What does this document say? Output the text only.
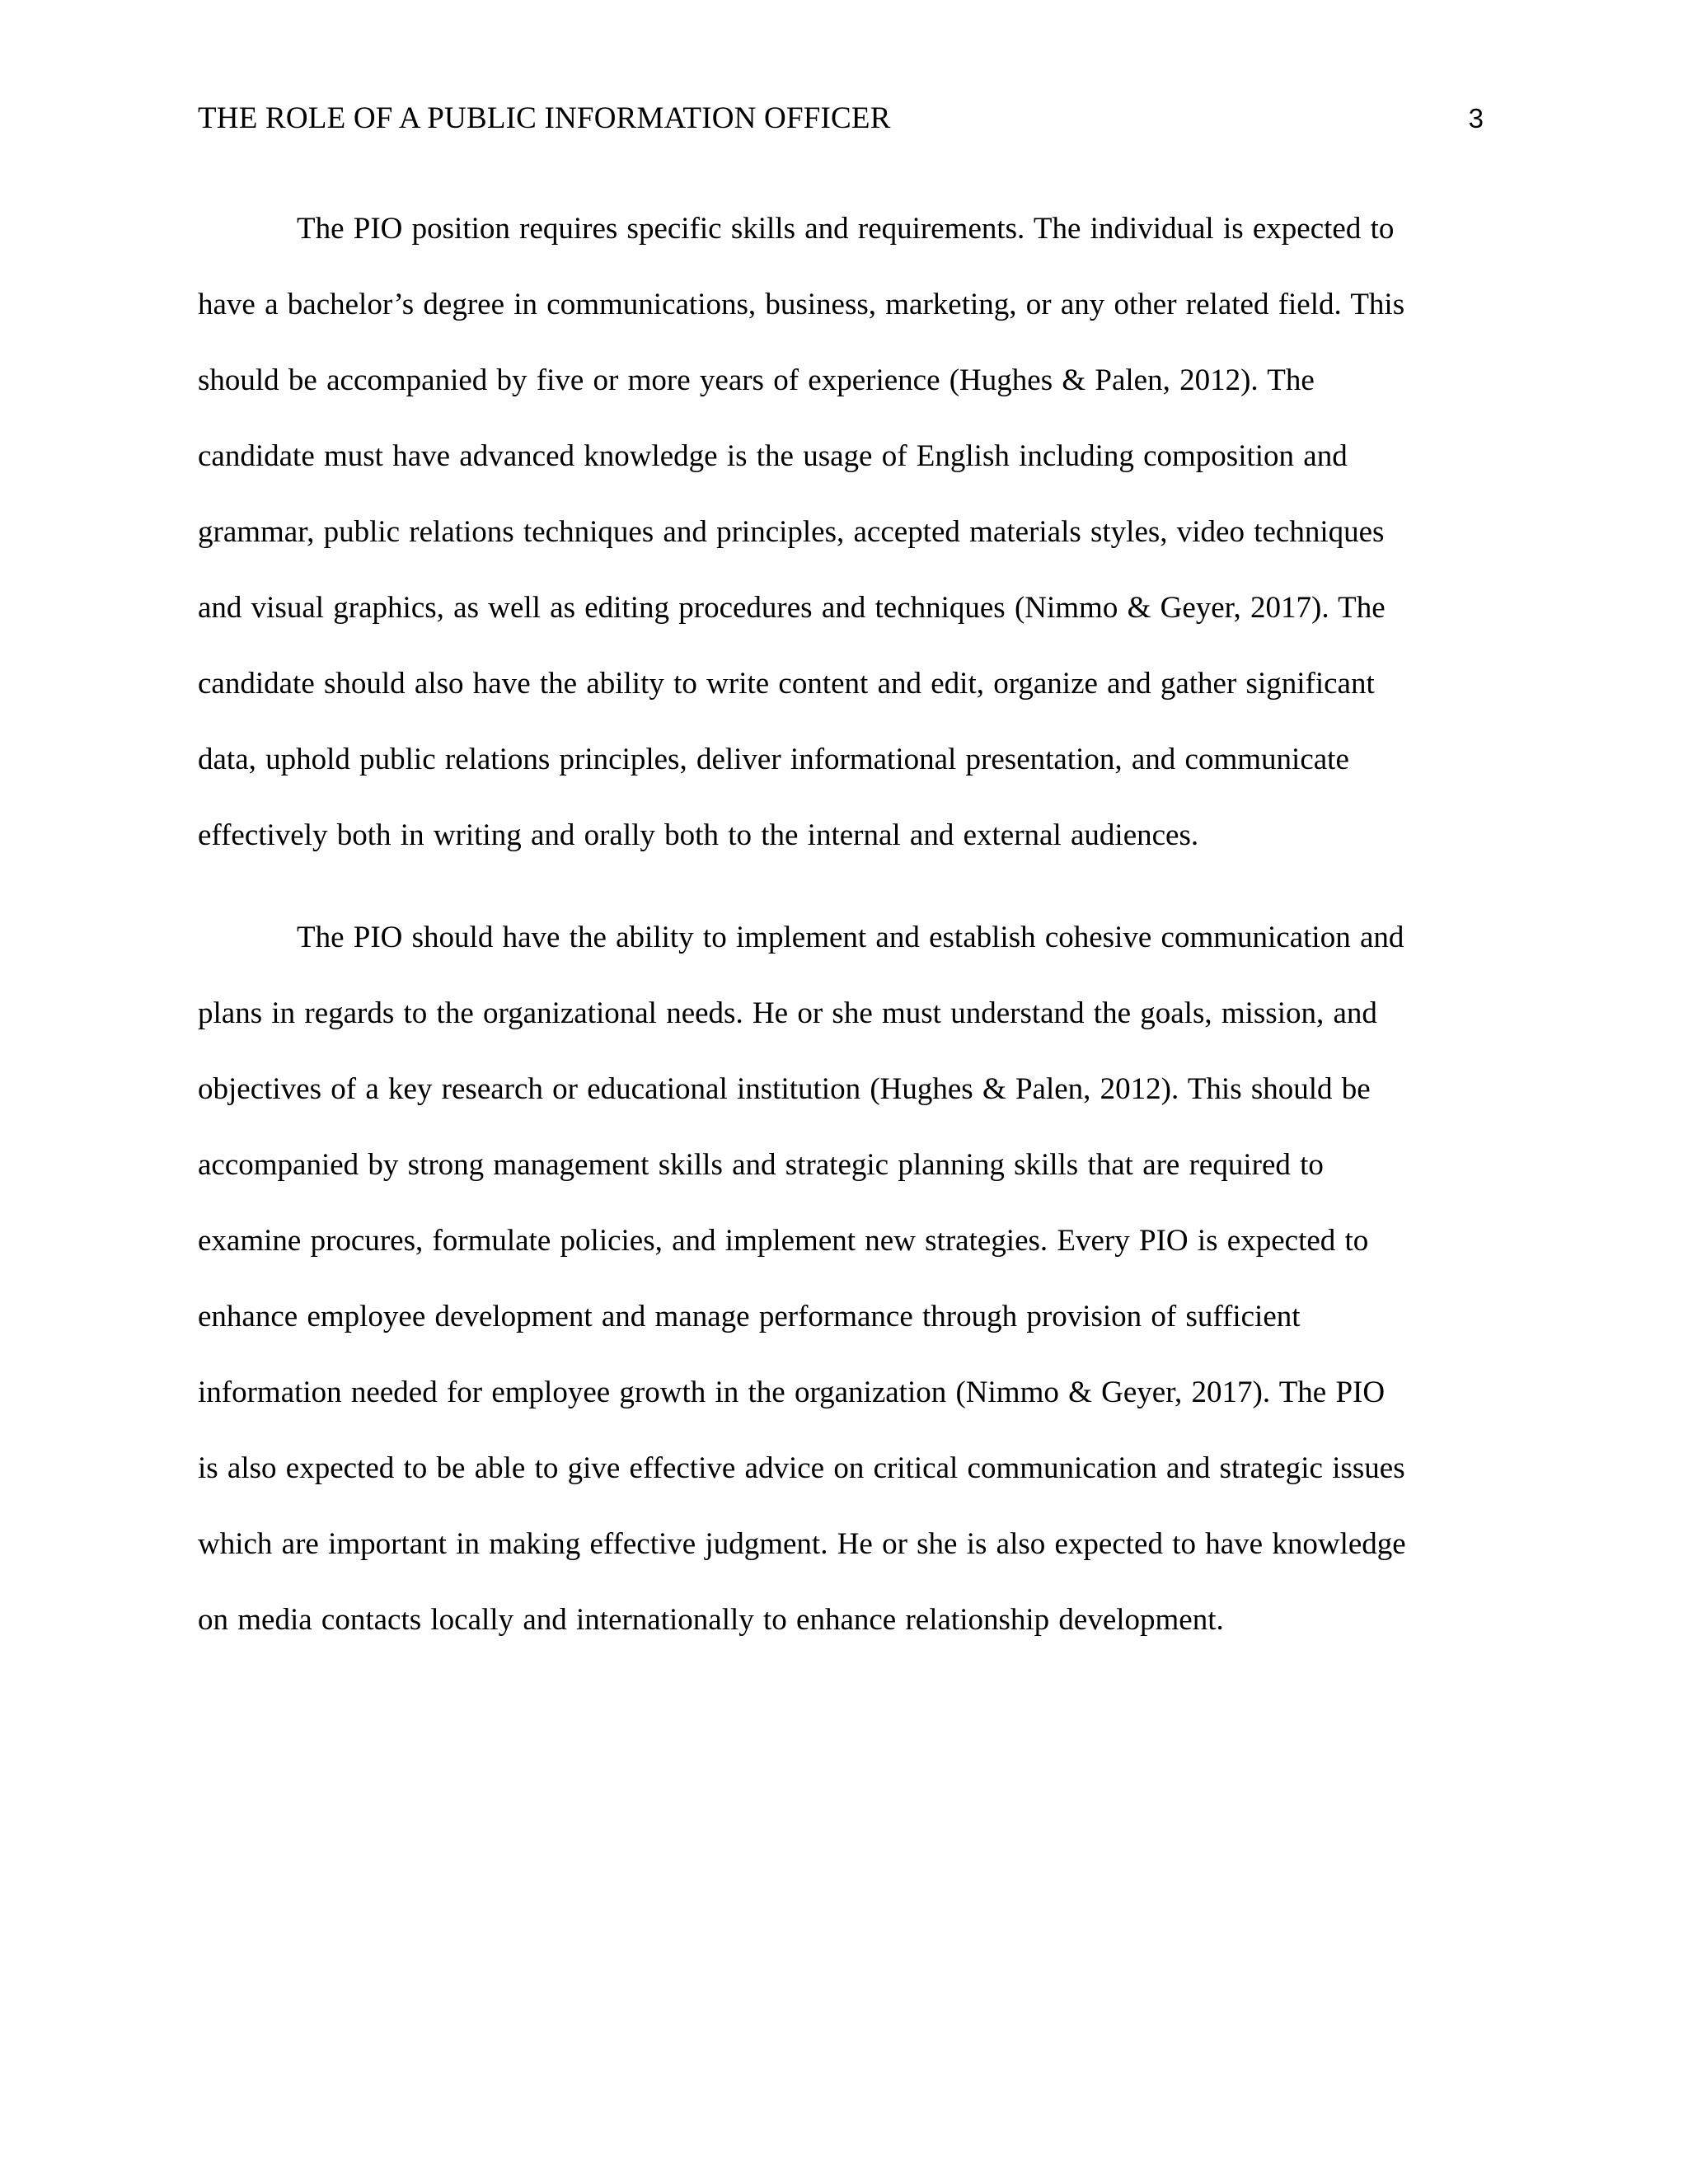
THE ROLE OF A PUBLIC INFORMATION OFFICER	3

The PIO position requires specific skills and requirements. The individual is expected to
have a bachelor’s degree in communications, business, marketing, or any other related field. This
should be accompanied by five or more years of experience (Hughes & Palen, 2012). The
candidate must have advanced knowledge is the usage of English including composition and
grammar, public relations techniques and principles, accepted materials styles, video techniques
and visual graphics, as well as editing procedures and techniques (Nimmo & Geyer, 2017). The
candidate should also have the ability to write content and edit, organize and gather significant
data, uphold public relations principles, deliver informational presentation, and communicate
effectively both in writing and orally both to the internal and external audiences.

The PIO should have the ability to implement and establish cohesive communication and
plans in regards to the organizational needs. He or she must understand the goals, mission, and
objectives of a key research or educational institution (Hughes & Palen, 2012). This should be
accompanied by strong management skills and strategic planning skills that are required to
examine procures, formulate policies, and implement new strategies. Every PIO is expected to
enhance employee development and manage performance through provision of sufficient
information needed for employee growth in the organization (Nimmo & Geyer, 2017). The PIO
is also expected to be able to give effective advice on critical communication and strategic issues
which are important in making effective judgment. He or she is also expected to have knowledge
on media contacts locally and internationally to enhance relationship development.
